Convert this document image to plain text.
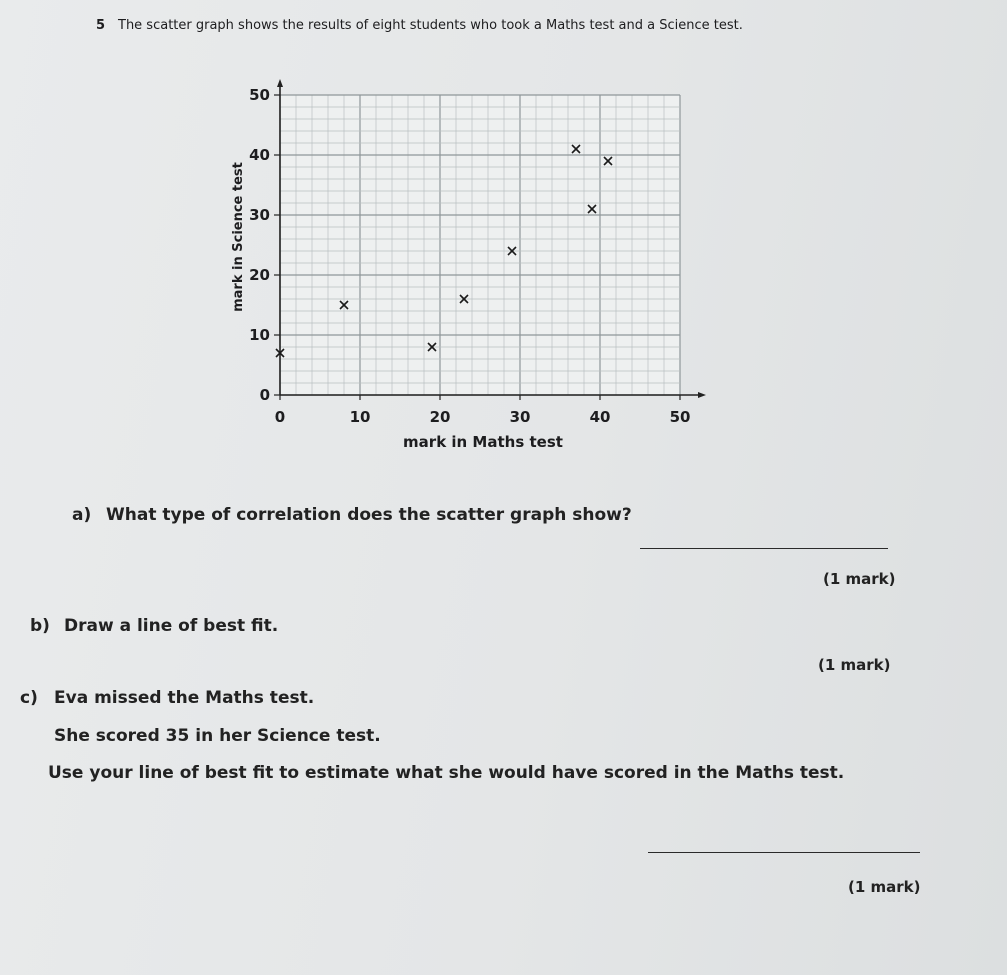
5 The scatter graph shows the results of eight students who took a Maths test and a Science test.
0	10	20	30	40	50
0
10
20
30
40
50
mark in Maths test
mark in Science test
a) What type of correlation does the scatter graph show?
(1 mark)
b) Draw a line of best fit.
(1 mark)
c) Eva missed the Maths test.
She scored 35 in her Science test.
Use your line of best fit to estimate what she would have scored in the Maths test.
(1 mark)
